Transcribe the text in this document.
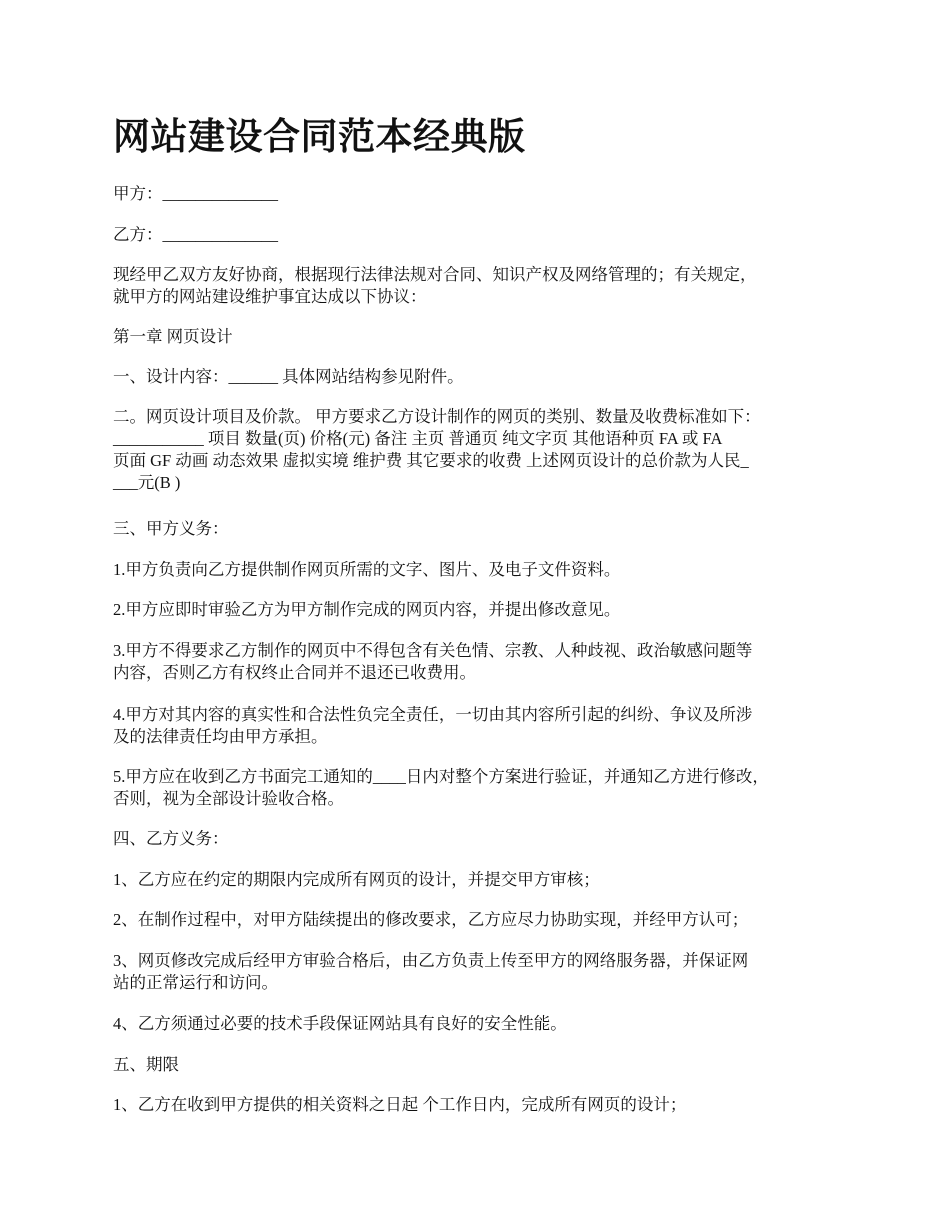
网站建设合同范本经典版

甲方：______________

乙方：______________

现经甲乙双方友好协商，根据现行法律法规对合同、知识产权及网络管理的；有关规定，
就甲方的网站建设维护事宜达成以下协议：

第一章 网页设计

一、设计内容：______ 具体网站结构参见附件。

二。网页设计项目及价款。 甲方要求乙方设计制作的网页的类别、数量及收费标准如下：
___________ 项目 数量(页) 价格(元) 备注 主页 普通页 纯文字页 其他语种页 FA 或 FA
页面 GF 动画 动态效果 虚拟实境 维护费 其它要求的收费 上述网页设计的总价款为人民_
___元(B )

三、甲方义务：

1.甲方负责向乙方提供制作网页所需的文字、图片、及电子文件资料。

2.甲方应即时审验乙方为甲方制作完成的网页内容，并提出修改意见。

3.甲方不得要求乙方制作的网页中不得包含有关色情、宗教、人种歧视、政治敏感问题等
内容，否则乙方有权终止合同并不退还已收费用。

4.甲方对其内容的真实性和合法性负完全责任，一切由其内容所引起的纠纷、争议及所涉
及的法律责任均由甲方承担。

5.甲方应在收到乙方书面完工通知的____日内对整个方案进行验证，并通知乙方进行修改，
否则，视为全部设计验收合格。

四、乙方义务：

1、乙方应在约定的期限内完成所有网页的设计，并提交甲方审核；

2、在制作过程中，对甲方陆续提出的修改要求，乙方应尽力协助实现，并经甲方认可；

3、网页修改完成后经甲方审验合格后，由乙方负责上传至甲方的网络服务器，并保证网
站的正常运行和访问。

4、乙方须通过必要的技术手段保证网站具有良好的安全性能。

五、期限

1、乙方在收到甲方提供的相关资料之日起 个工作日内，完成所有网页的设计；
